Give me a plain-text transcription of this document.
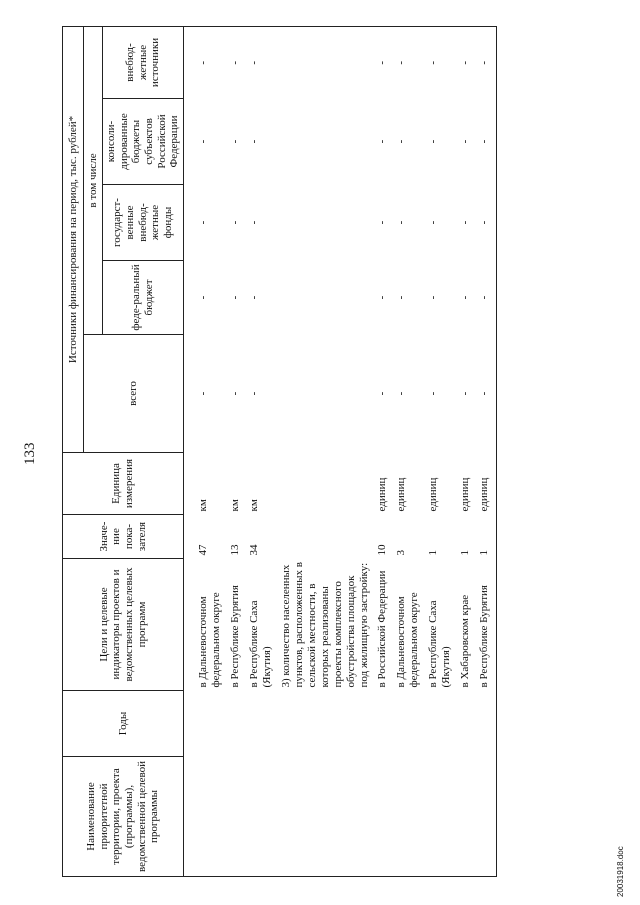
133
20031918.doc
Наименование приоритетной территории, проекта (программы), ведомственной целевой программы	Годы	Цели и целевые индикаторы проектов и ведомственных целевых программ	Значе-ние пока-зателя	Единица измерения	Источники финансирования на период, тыс. рублей*				
					всего	в том числе			
						феде-ральный бюджет	государст-венные внебюд-жетные фонды	консоли-дированные бюджеты субъектов Российской Федерации	внебюд-жетные источники

		в Дальневосточном федеральном округе	47	км	-	-	-	-	-
		в Республике Бурятия	13	км	-	-	-	-	-
		в Республике Саха (Якутия)	34	км	-	-	-	-	-
		3) количество населенных пунктов, расположенных в сельской местности, в которых реализованы проекты комплексного обустройства площадок под жилищную застройку:							
		в Российской Федерации	10	единиц	-	-	-	-	-
		в Дальневосточном федеральном округе	3	единиц	-	-	-	-	-
		в Республике Саха (Якутия)	1	единиц	-	-	-	-	-
		в Хабаровском крае	1	единиц	-	-	-	-	-
		в Республике Бурятия	1	единиц	-	-	-	-	-
